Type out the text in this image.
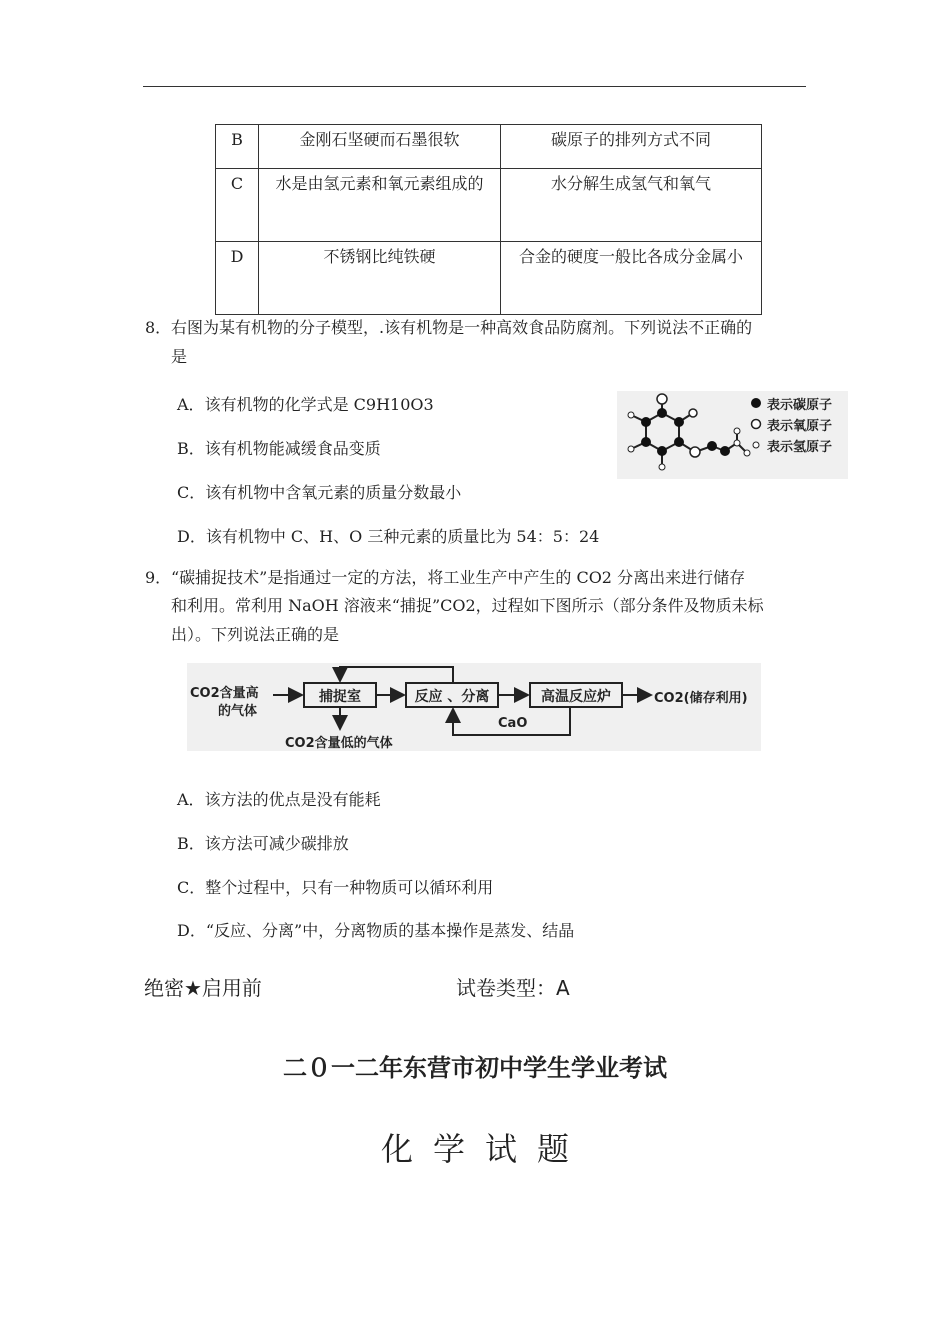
B	金刚石坚硬而石墨很软	碳原子的排列方式不同
C	水是由氢元素和氧元素组成的	水分解生成氢气和氧气
D	不锈钢比纯铁硬	合金的硬度一般比各成分金属小
8． 右图为某有机物的分子模型，.该有机物是一种高效食品防腐剂。下列说法不正确的
是
A．该有机物的化学式是 C9H10O3
B．该有机物能减缓食品变质
C．该有机物中含氧元素的质量分数最小
D．该有机物中 C、H、O 三种元素的质量比为 54：5：24
表示碳原子
表示氧原子
表示氢原子
9． “碳捕捉技术”是指通过一定的方法，将工业生产中产生的 CO2 分离出来进行储存
和利用。常利用 NaOH 溶液来“捕捉”CO2，过程如下图所示（部分条件及物质未标
出）。下列说法正确的是
CO2含量高
的气体
捕捉室	反应 、分离	高温反应炉	CO2(储存利用)
CO2含量低的气体
CaO
A．该方法的优点是没有能耗
B．该方法可减少碳排放
C．整个过程中，只有一种物质可以循环利用
D．“反应、分离”中，分离物质的基本操作是蒸发、结晶
绝密★启用前	试卷类型：A
二０一二年东营市初中学生学业考试
化学试题
